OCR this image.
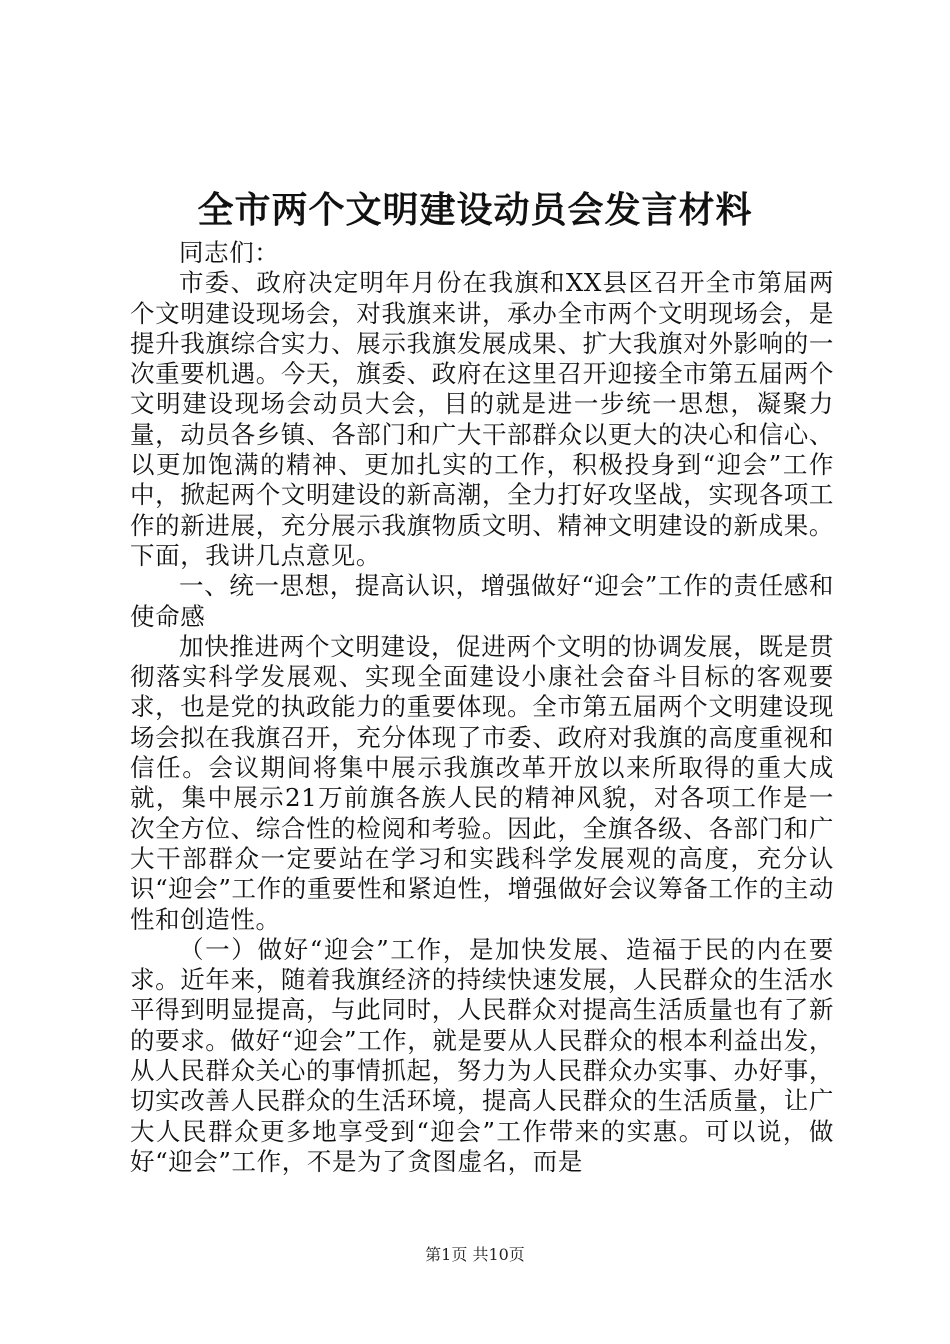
全市两个文明建设动员会发言材料

同志们：

市委、政府决定明年月份在我旗和XX县区召开全市第届两个文明建设现场会，对我旗来讲，承办全市两个文明现场会，是提升我旗综合实力、展示我旗发展成果、扩大我旗对外影响的一次重要机遇。今天，旗委、政府在这里召开迎接全市第五届两个文明建设现场会动员大会，目的就是进一步统一思想，凝聚力量，动员各乡镇、各部门和广大干部群众以更大的决心和信心、以更加饱满的精神、更加扎实的工作，积极投身到“迎会”工作中，掀起两个文明建设的新高潮，全力打好攻坚战，实现各项工作的新进展，充分展示我旗物质文明、精神文明建设的新成果。下面，我讲几点意见。

一、统一思想，提高认识，增强做好“迎会”工作的责任感和使命感

加快推进两个文明建设，促进两个文明的协调发展，既是贯彻落实科学发展观、实现全面建设小康社会奋斗目标的客观要求，也是党的执政能力的重要体现。全市第五届两个文明建设现场会拟在我旗召开，充分体现了市委、政府对我旗的高度重视和信任。会议期间将集中展示我旗改革开放以来所取得的重大成就，集中展示21万前旗各族人民的精神风貌，对各项工作是一次全方位、综合性的检阅和考验。因此，全旗各级、各部门和广大干部群众一定要站在学习和实践科学发展观的高度，充分认识“迎会”工作的重要性和紧迫性，增强做好会议筹备工作的主动性和创造性。

（一）做好“迎会”工作，是加快发展、造福于民的内在要求。近年来，随着我旗经济的持续快速发展，人民群众的生活水平得到明显提高，与此同时，人民群众对提高生活质量也有了新的要求。做好“迎会”工作，就是要从人民群众的根本利益出发，从人民群众关心的事情抓起，努力为人民群众办实事、办好事，切实改善人民群众的生活环境，提高人民群众的生活质量，让广大人民群众更多地享受到“迎会”工作带来的实惠。可以说，做好“迎会”工作，不是为了贪图虚名，而是

第1页 共10页
